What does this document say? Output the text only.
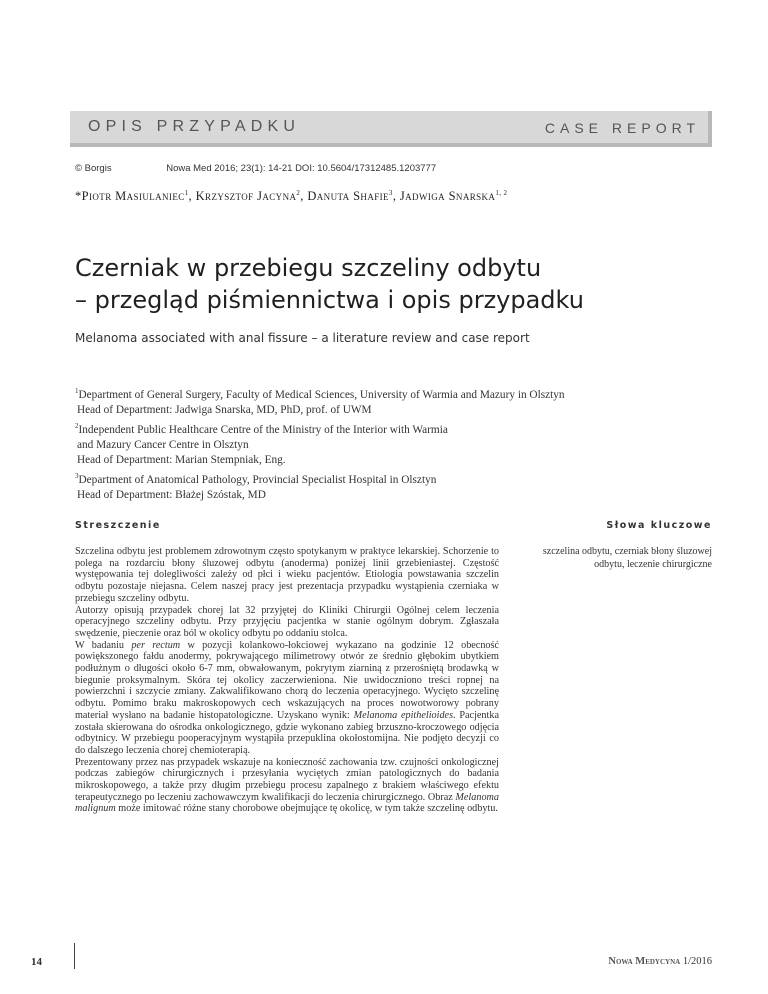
OPIS PRZYPADKU	CASE REPORT
© Borgis	Nowa Med 2016; 23(1): 14-21 DOI: 10.5604/17312485.1203777
*Piotr Masiulaniec$^1$, Krzysztof Jacyna$^2$, Danuta Shafie$^3$, Jadwiga Snarska$^{1, 2}$
Czerniak w przebiegu szczeliny odbytu
– przegląd piśmiennictwa i opis przypadku
Melanoma associated with anal fissure – a literature review and case report
$^1$Department of General Surgery, Faculty of Medical Sciences, University of Warmia and Mazury in Olsztyn
Head of Department: Jadwiga Snarska, MD, PhD, prof. of UWM
$^2$Independent Public Healthcare Centre of the Ministry of the Interior with Warmia
and Mazury Cancer Centre in Olsztyn
Head of Department: Marian Stempniak, Eng.
$^3$Department of Anatomical Pathology, Provincial Specialist Hospital in Olsztyn
Head of Department: Błażej Szóstak, MD
Streszczenie	Słowa kluczowe

Szczelina odbytu jest problemem zdrowotnym często spotykanym w praktyce lekarskiej. Schorzenie to polega na rozdarciu błony śluzowej odbytu (anoderma) poniżej linii grzebieniastej. Częstość występowania tej dolegliwości zależy od płci i wieku pacjentów. Etiologia powstawania szczelin odbytu pozostaje niejasna. Celem naszej pracy jest prezentacja przypadku wystąpienia czerniaka w przebiegu szczeliny odbytu.

Autorzy opisują przypadek chorej lat 32 przyjętej do Kliniki Chirurgii Ogólnej celem leczenia operacyjnego szczeliny odbytu. Przy przyjęciu pacjentka w stanie ogólnym dobrym. Zgłaszała swędzenie, pieczenie oraz ból w okolicy odbytu po oddaniu stolca.

W badaniu per rectum w pozycji kolankowo-łokciowej wykazano na godzinie 12 obecność powiększonego fałdu anodermy, pokrywającego milimetrowy otwór ze średnio głębokim ubytkiem podłużnym o długości około 6-7 mm, obwałowanym, pokrytym ziarniną z przerośniętą brodawką w biegunie proksymalnym. Skóra tej okolicy zaczerwieniona. Nie uwidoczniono treści ropnej na powierzchni i szczycie zmiany. Zakwalifikowano chorą do leczenia operacyjnego. Wycięto szczelinę odbytu. Pomimo braku makroskopowych cech wskazujących na proces nowotworowy pobrany materiał wysłano na badanie histopatologiczne. Uzyskano wynik: Melanoma epithelioides. Pacjentka została skierowana do ośrodka onkologicznego, gdzie wykonano zabieg brzuszno-kroczowego odjęcia odbytnicy. W przebiegu pooperacyjnym wystąpiła przepuklina okołostomijna. Nie podjęto decyzji co do dalszego leczenia chorej chemioterapią.

Prezentowany przez nas przypadek wskazuje na konieczność zachowania tzw. czujności onkologicznej podczas zabiegów chirurgicznych i przesyłania wyciętych zmian patologicznych do badania mikroskopowego, a także przy długim przebiegu procesu zapalnego z brakiem właściwego efektu terapeutycznego po leczeniu zachowawczym kwalifikacji do leczenia chirurgicznego. Obraz Melanoma malignum może imitować różne stany chorobowe obejmujące tę okolicę, w tym także szczelinę odbytu.

szczelina odbytu, czerniak błony śluzowej odbytu, leczenie chirurgiczne
14	Nowa Medycyna 1/2016
